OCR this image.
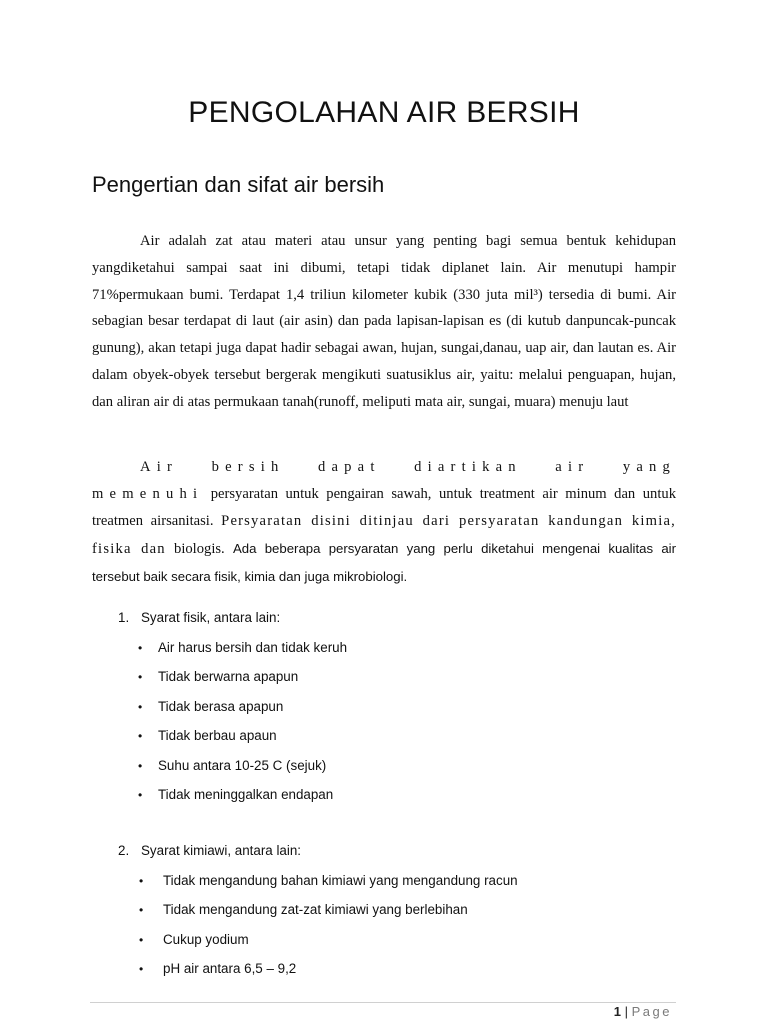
PENGOLAHAN AIR BERSIH
Pengertian dan sifat air bersih

Air adalah zat atau materi atau unsur yang penting bagi semua bentuk kehidupan yangdiketahui sampai saat ini dibumi, tetapi tidak diplanet lain. Air menutupi hampir 71%permukaan bumi. Terdapat 1,4 triliun kilometer kubik (330 juta mil³) tersedia di bumi. Air sebagian besar terdapat di laut (air asin) dan pada lapisan-lapisan es (di kutub danpuncak-puncak gunung), akan tetapi juga dapat hadir sebagai awan, hujan, sungai,danau, uap air, dan lautan es. Air dalam obyek-obyek tersebut bergerak mengikuti suatusiklus air, yaitu: melalui penguapan, hujan, dan aliran air di atas permukaan tanah(runoff, meliputi mata air, sungai, muara) menuju laut

Air bersih dapat diartikan air yang memenuhi persyaratan untuk pengairan sawah, untuk treatment air minum dan untuk treatmen airsanitasi. Persyaratan disini ditinjau dari persyaratan kandungan kimia, fisika dan biologis. Ada beberapa persyaratan yang perlu diketahui mengenai kualitas air tersebut baik secara fisik, kimia dan juga mikrobiologi.

1. Syarat fisik, antara lain:

• Air harus bersih dan tidak keruh
• Tidak berwarna apapun
• Tidak berasa apapun
• Tidak berbau apaun
• Suhu antara 10-25 C (sejuk)
• Tidak meninggalkan endapan

2. Syarat kimiawi, antara lain:

• Tidak mengandung bahan kimiawi yang mengandung racun
• Tidak mengandung zat-zat kimiawi yang berlebihan
• Cukup yodium
• pH air antara 6,5 – 9,2
1 | Page
